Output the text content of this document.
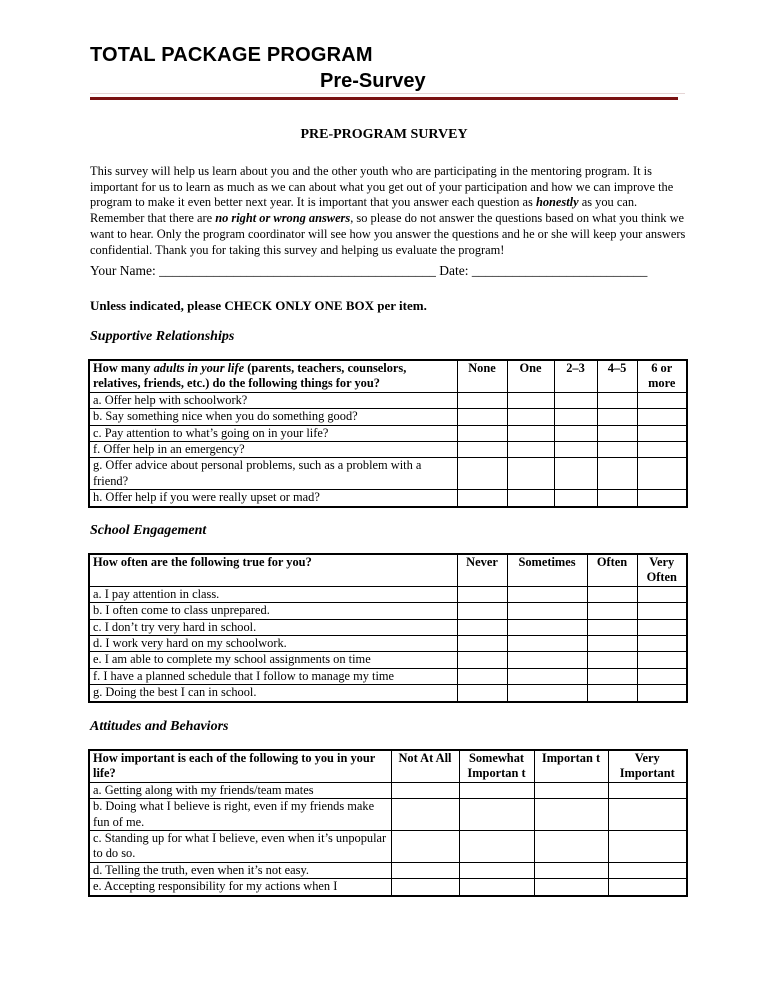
TOTAL PACKAGE PROGRAM
Pre-Survey
PRE-PROGRAM SURVEY
This survey will help us learn about you and the other youth who are participating in the mentoring program. It is important for us to learn as much as we can about what you get out of your participation and how we can improve the program to make it even better next year. It is important that you answer each question as honestly as you can. Remember that there are no right or wrong answers, so please do not answer the questions based on what you think we want to hear. Only the program coordinator will see how you answer the questions and he or she will keep your answers confidential. Thank you for taking this survey and helping us evaluate the program!
Your Name: _________________________________________ Date: __________________________
Unless indicated, please CHECK ONLY ONE BOX per item.
Supportive Relationships
How many adults in your life (parents, teachers, counselors, relatives, friends, etc.) do the following things for you?	None	One	2–3	4–5	6 or more
a. Offer help with schoolwork?					
b. Say something nice when you do something good?					
c. Pay attention to what’s going on in your life?					
f. Offer help in an emergency?					
g. Offer advice about personal problems, such as a problem with a friend?					
h. Offer help if you were really upset or mad?					
School Engagement
How often are the following true for you?	Never	Sometimes	Often	Very Often
a. I pay attention in class.				
b. I often come to class unprepared.				
c. I don’t try very hard in school.				
d. I work very hard on my schoolwork.				
e. I am able to complete my school assignments on time				
f. I have a planned schedule that I follow to manage my time				
g. Doing the best I can in school.				
Attitudes and Behaviors
How important is each of the following to you in your life?	Not At All	Somewhat Importan t	Importan t	Very Important
a. Getting along with my friends/team mates				
b. Doing what I believe is right, even if my friends make fun of me.				
c. Standing up for what I believe, even when it’s unpopular to do so.				
d. Telling the truth, even when it’s not easy.				
e. Accepting responsibility for my actions when I				
